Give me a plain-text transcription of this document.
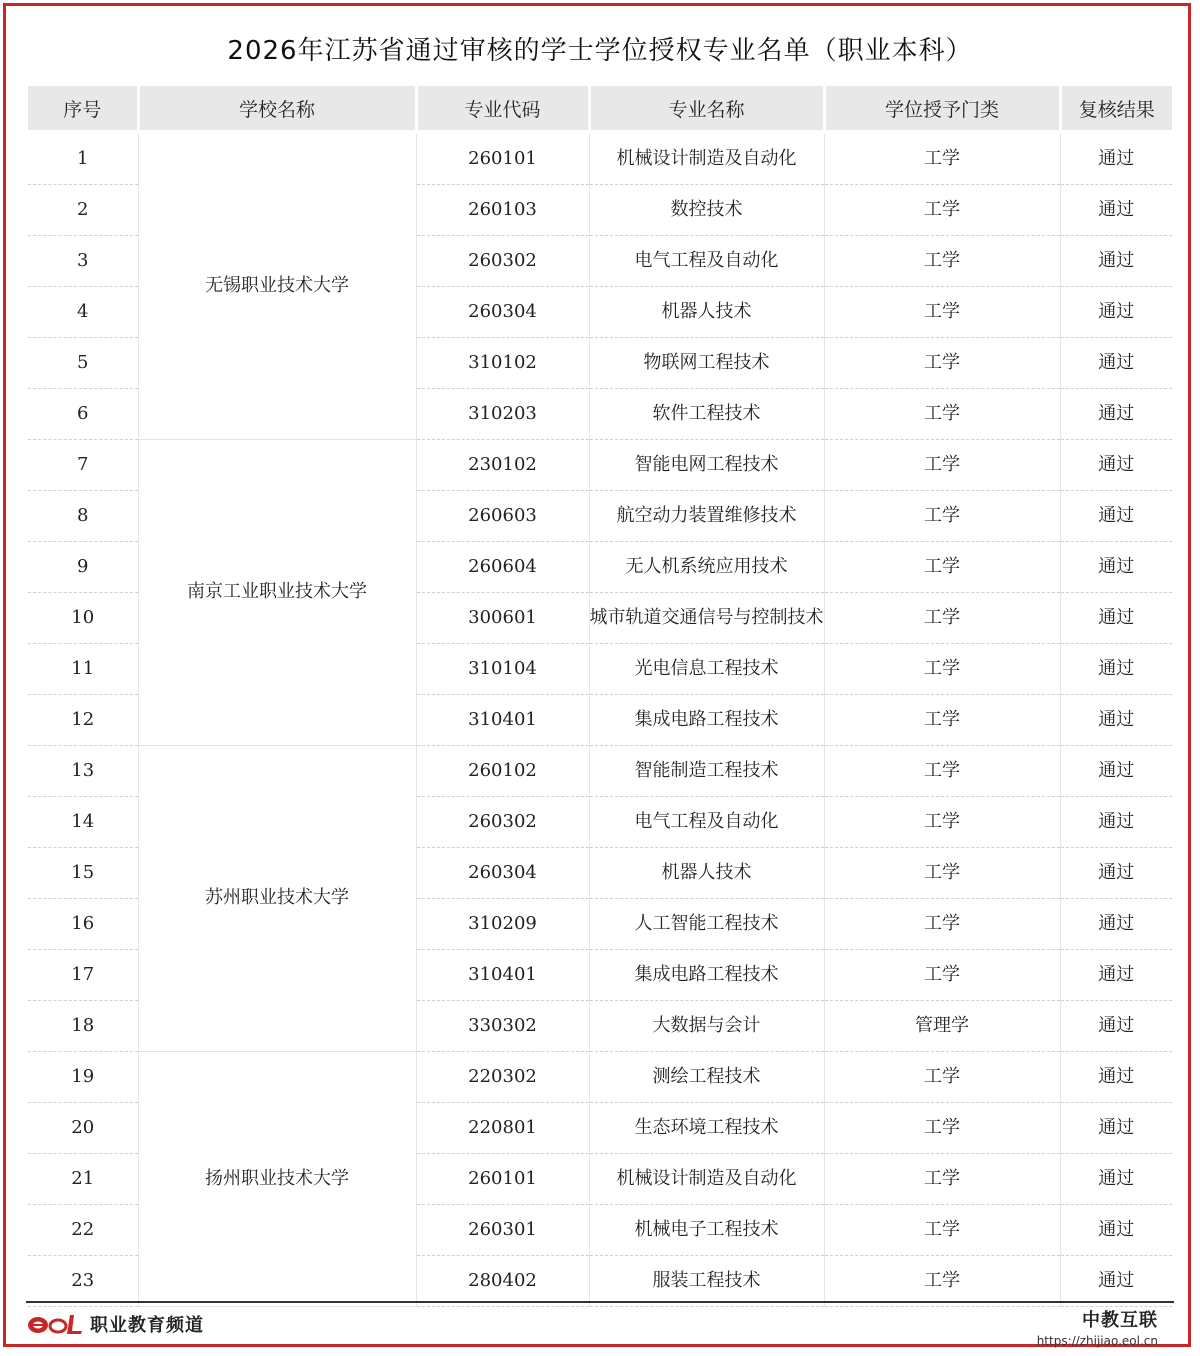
2026年江苏省通过审核的学士学位授权专业名单（职业本科）
序号	学校名称	专业代码	专业名称	学位授予门类	复核结果
1	无锡职业技术大学	260101	机械设计制造及自动化	工学	通过
2		260103	数控技术	工学	通过
3		260302	电气工程及自动化	工学	通过
4		260304	机器人技术	工学	通过
5		310102	物联网工程技术	工学	通过
6		310203	软件工程技术	工学	通过
7	南京工业职业技术大学	230102	智能电网工程技术	工学	通过
8		260603	航空动力装置维修技术	工学	通过
9		260604	无人机系统应用技术	工学	通过
10		300601	城市轨道交通信号与控制技术	工学	通过
11		310104	光电信息工程技术	工学	通过
12		310401	集成电路工程技术	工学	通过
13	苏州职业技术大学	260102	智能制造工程技术	工学	通过
14		260302	电气工程及自动化	工学	通过
15		260304	机器人技术	工学	通过
16		310209	人工智能工程技术	工学	通过
17		310401	集成电路工程技术	工学	通过
18		330302	大数据与会计	管理学	通过
19	扬州职业技术大学	220302	测绘工程技术	工学	通过
20		220801	生态环境工程技术	工学	通过
21		260101	机械设计制造及自动化	工学	通过
22		260301	机械电子工程技术	工学	通过
23		280402	服装工程技术	工学	通过
职业教育频道	中教互联
https://zhijiao.eol.cn
